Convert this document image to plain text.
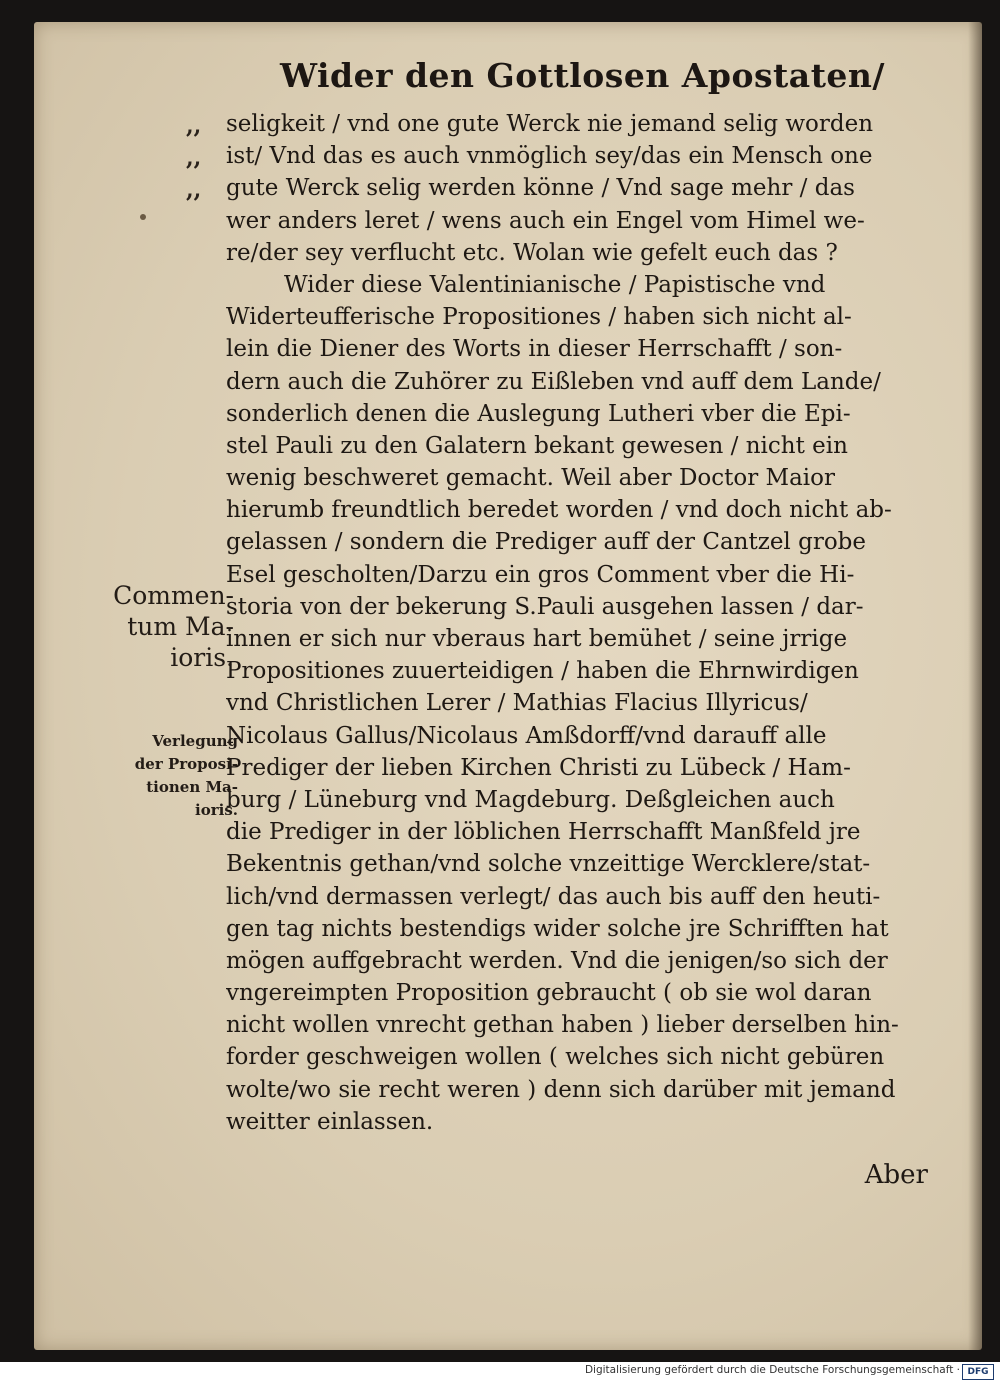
Wider den Gottlosen Apostaten/
,,
,,
,,
seligkeit / vnd one gute Werck nie jemand selig worden
ist/ Vnd das es auch vnmöglich sey/das ein Mensch one
gute Werck selig werden könne / Vnd sage mehr / das
wer anders leret / wens auch ein Engel vom Himel we-
re/der sey verflucht etc. Wolan wie gefelt euch das ?
Wider diese Valentinianische / Papistische vnd
Widerteufferische Propositiones / haben sich nicht al-
lein die Diener des Worts in dieser Herrschafft / son-
dern auch die Zuhörer zu Eißleben vnd auff dem Lande/
sonderlich denen die Auslegung Lutheri vber die Epi-
stel Pauli zu den Galatern bekant gewesen / nicht ein
wenig beschweret gemacht. Weil aber Doctor Maior
hierumb freundtlich beredet worden / vnd doch nicht ab-
gelassen / sondern die Prediger auff der Cantzel grobe
Esel gescholten/Darzu ein gros Comment vber die Hi-
storia von der bekerung S.Pauli ausgehen lassen / dar-
innen er sich nur vberaus hart bemühet / seine jrrige
Propositiones zuuerteidigen / haben die Ehrnwirdigen
vnd Christlichen Lerer / Mathias Flacius Illyricus/
Nicolaus Gallus/Nicolaus Amßdorff/vnd darauff alle
Prediger der lieben Kirchen Christi zu Lübeck / Ham-
burg / Lüneburg vnd Magdeburg. Deßgleichen auch
die Prediger in der löblichen Herrschafft Manßfeld jre
Bekentnis gethan/vnd solche vnzeittige Wercklere/stat-
lich/vnd dermassen verlegt/ das auch bis auff den heuti-
gen tag nichts bestendigs wider solche jre Schrifften hat
mögen auffgebracht werden. Vnd die jenigen/so sich der
vngereimpten Proposition gebraucht ( ob sie wol daran
nicht wollen vnrecht gethan haben ) lieber derselben hin-
forder geschweigen wollen ( welches sich nicht gebüren
wolte/wo sie recht weren ) denn sich darüber mit jemand
weitter einlassen.
Commen-
tum Ma-
ioris.
Verlegung
der Proposi-
tionen Ma-
ioris.
Aber
Digitalisierung gefördert durch die Deutsche Forschungsgemeinschaft · DFG
